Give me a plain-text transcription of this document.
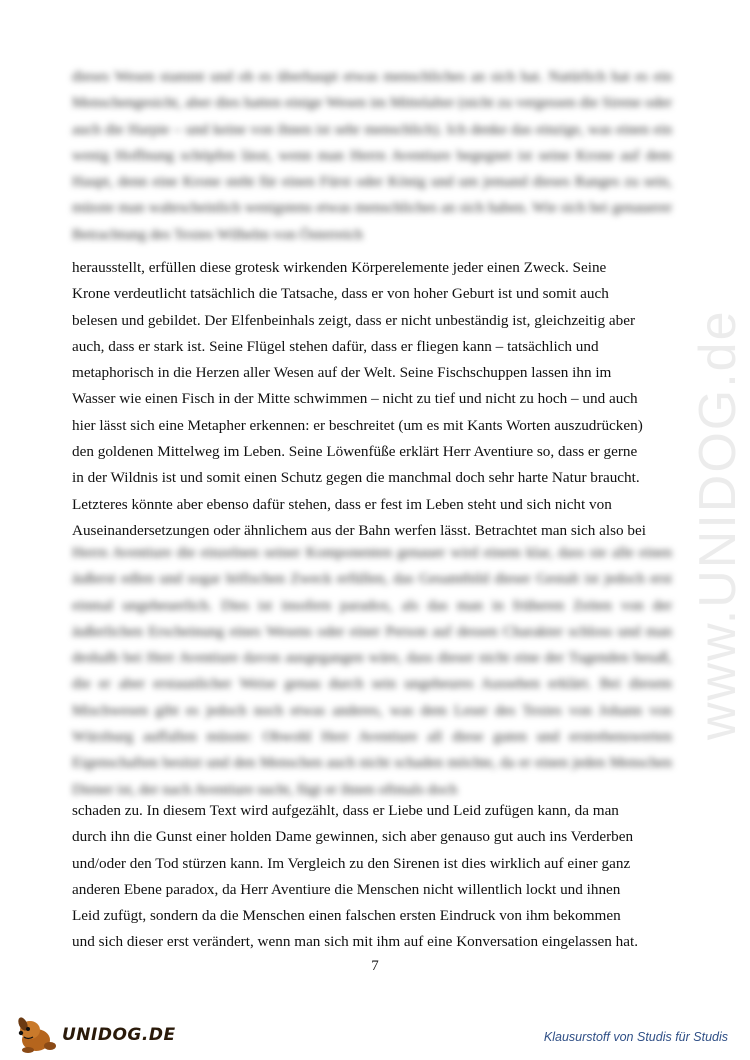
dieses Wesen stammt und ob es überhaupt etwas menschliches an sich hat. Natürlich hat es ein Menschengesicht, aber dies hatten einige Wesen im Mittelalter (nicht zu vergessen die Sirene oder auch die Harpie – und keine von ihnen ist sehr menschlich). Ich denke das einzige, was einen ein wenig Hoffnung schöpfen lässt, wenn man Herrn Aventiure begegnet ist seine Krone auf dem Haupt, denn eine Krone steht für einen Fürst oder König und um jemand dieses Ranges zu sein, müsste man wahrscheinlich wenigstens etwas menschliches an sich haben. Wie sich bei genauerer Betrachtung des Textes Wilhelm von Österreich

herausstellt, erfüllen diese grotesk wirkenden Körperelemente jeder einen Zweck. Seine
Krone verdeutlicht tatsächlich die Tatsache, dass er von hoher Geburt ist und somit auch
belesen und gebildet. Der Elfenbeinhals zeigt, dass er nicht unbeständig ist, gleichzeitig aber
auch, dass er stark ist. Seine Flügel stehen dafür, dass er fliegen kann – tatsächlich und
metaphorisch in die Herzen aller Wesen auf der Welt. Seine Fischschuppen lassen ihn im
Wasser wie einen Fisch in der Mitte schwimmen – nicht zu tief und nicht zu hoch – und auch
hier lässt sich eine Metapher erkennen: er beschreitet (um es mit Kants Worten auszudrücken)
den goldenen Mittelweg im Leben. Seine Löwenfüße erklärt Herr Aventiure so, dass er gerne
in der Wildnis ist und somit einen Schutz gegen die manchmal doch sehr harte Natur braucht.
Letzteres könnte aber ebenso dafür stehen, dass er fest im Leben steht und sich nicht von
Auseinandersetzungen oder ähnlichem aus der Bahn werfen lässt. Betrachtet man sich also bei

Herrn Aventiure die einzelnen seiner Komponenten genauer wird einem klar, dass sie alle einen äußerst edlen und sogar höfischen Zweck erfüllen, das Gesamtbild dieser Gestalt ist jedoch erst einmal ungeheuerlich. Dies ist insofern paradox, als das man in früheren Zeiten von der äußerlichen Erscheinung eines Wesens oder einer Person auf dessen Charakter schloss und man deshalb bei Herr Aventiure davon ausgegangen wäre, dass dieser nicht eine der Tugenden besaß, die er aber erstaunlicher Weise genau durch sein ungeheures Aussehen erklärt. Bei diesem Mischwesen gibt es jedoch noch etwas anderes, was dem Leser des Textes von Johann von Würzburg auffallen müsste: Obwohl Herr Aventiure all diese guten und erstrebenswerten Eigenschaften besitzt und den Menschen auch nicht schaden möchte, da er einen jeden Menschen Diener ist, der nach Aventiure sucht, fügt er ihnen oftmals doch

schaden zu. In diesem Text wird aufgezählt, dass er Liebe und Leid zufügen kann, da man
durch ihn die Gunst einer holden Dame gewinnen, sich aber genauso gut auch ins Verderben
und/oder den Tod stürzen kann. Im Vergleich zu den Sirenen ist dies wirklich auf einer ganz
anderen Ebene paradox, da Herr Aventiure die Menschen nicht willentlich lockt und ihnen
Leid zufügt, sondern da die Menschen einen falschen ersten Eindruck von ihm bekommen
und sich dieser erst verändert, wenn man sich mit ihm auf eine Konversation eingelassen hat.
7
www.UNIDOG.de
UNIDOG.DE	Klausurstoff von Studis für Studis
